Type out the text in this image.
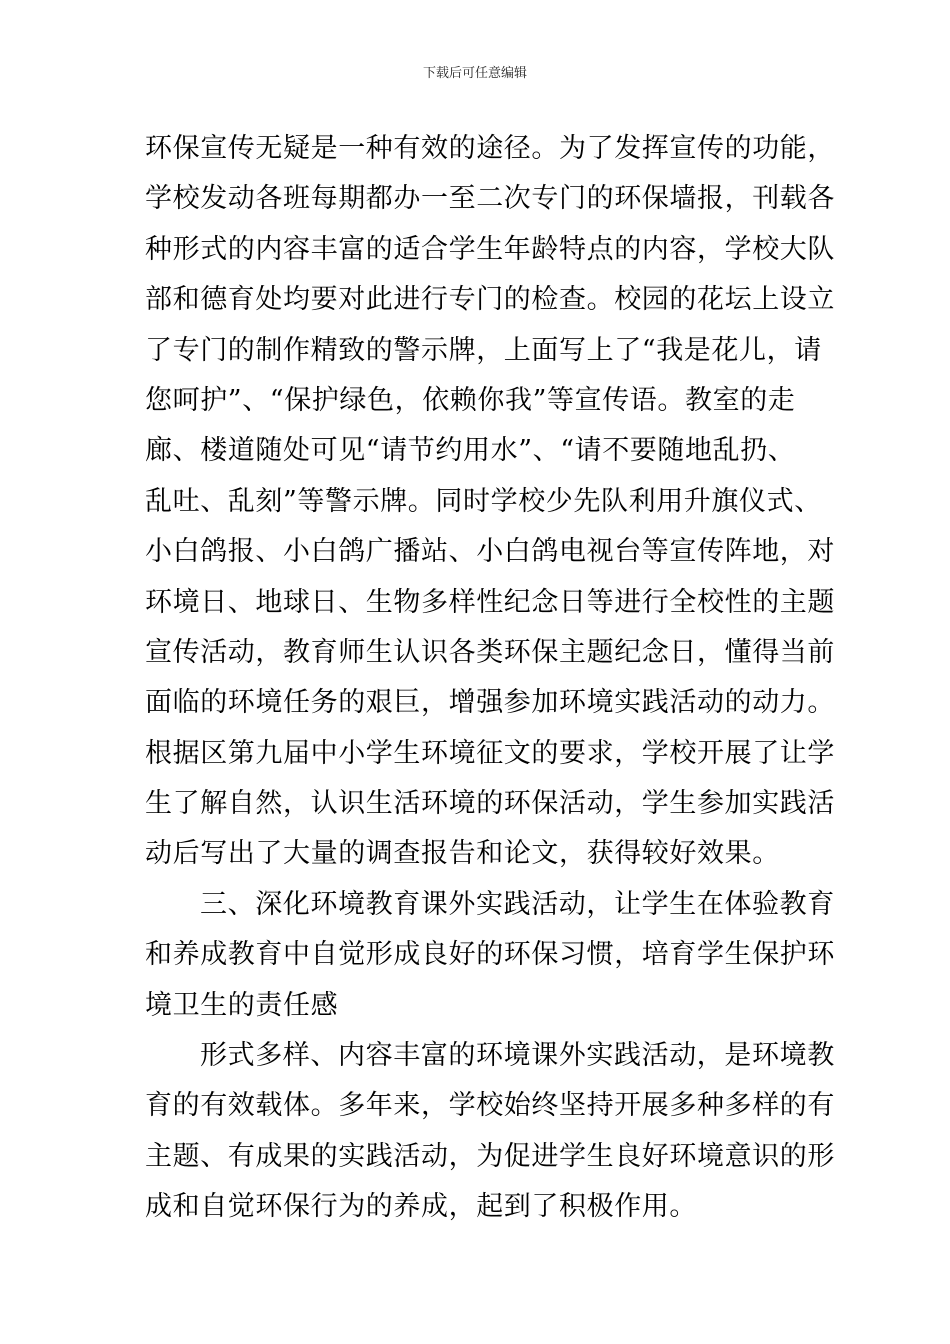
下载后可任意编辑
环保宣传无疑是一种有效的途径。为了发挥宣传的功能，
学校发动各班每期都办一至二次专门的环保墙报，刊载各
种形式的内容丰富的适合学生年龄特点的内容，学校大队
部和德育处均要对此进行专门的检查。校园的花坛上设立
了专门的制作精致的警示牌，上面写上了“我是花儿，请
您呵护”、“保护绿色，依赖你我”等宣传语。教室的走
廊、楼道随处可见“请节约用水”、“请不要随地乱扔、
乱吐、乱刻”等警示牌。同时学校少先队利用升旗仪式、
小白鸽报、小白鸽广播站、小白鸽电视台等宣传阵地，对
环境日、地球日、生物多样性纪念日等进行全校性的主题
宣传活动，教育师生认识各类环保主题纪念日，懂得当前
面临的环境任务的艰巨，增强参加环境实践活动的动力。
根据区第九届中小学生环境征文的要求，学校开展了让学
生了解自然，认识生活环境的环保活动，学生参加实践活
动后写出了大量的调查报告和论文，获得较好效果。
三、深化环境教育课外实践活动，让学生在体验教育
和养成教育中自觉形成良好的环保习惯，培育学生保护环
境卫生的责任感
形式多样、内容丰富的环境课外实践活动，是环境教
育的有效载体。多年来，学校始终坚持开展多种多样的有
主题、有成果的实践活动，为促进学生良好环境意识的形
成和自觉环保行为的养成，起到了积极作用。
